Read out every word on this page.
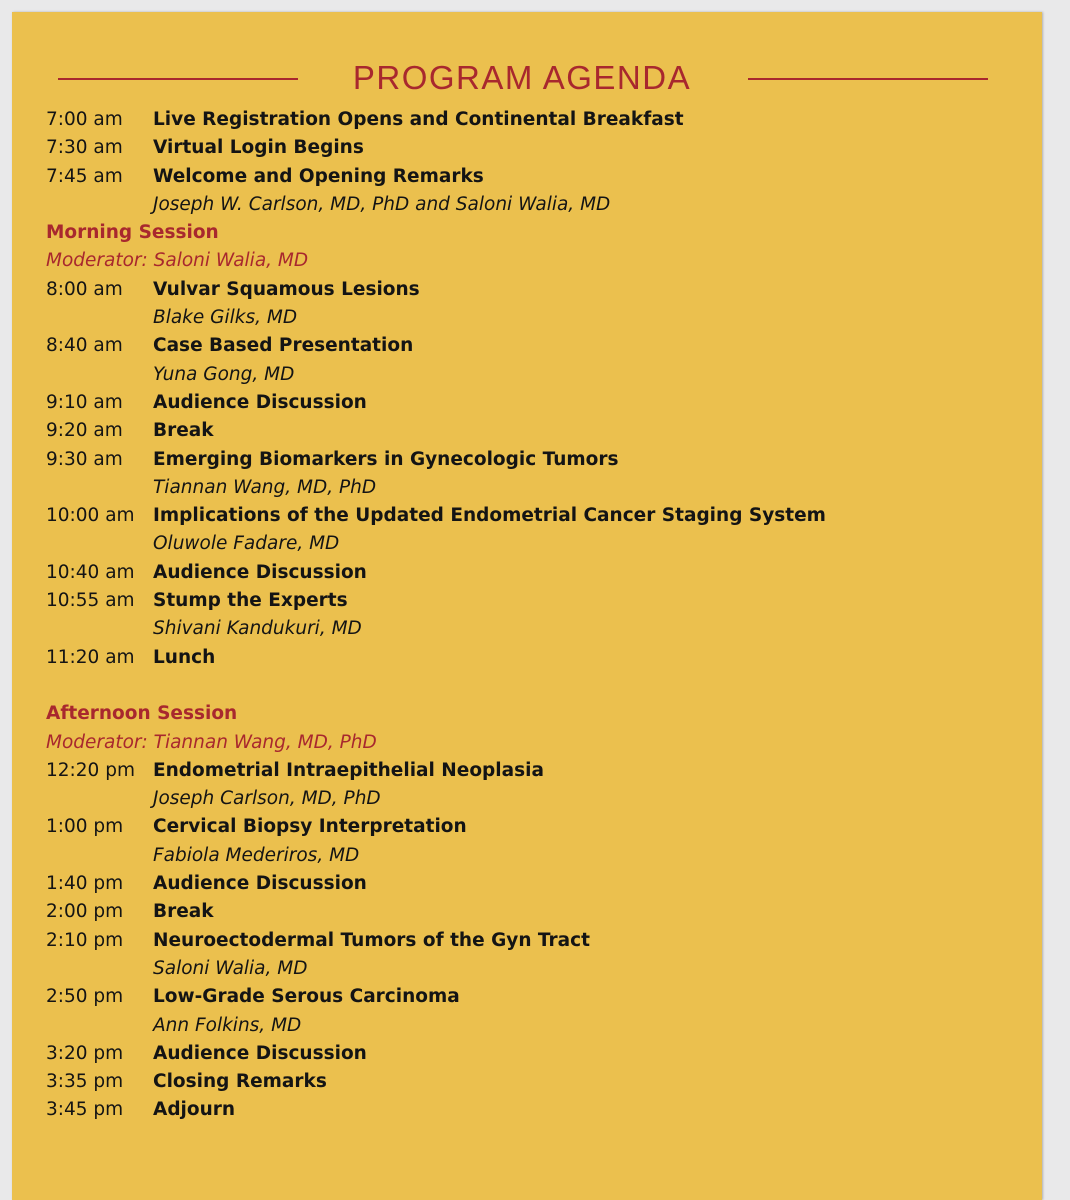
PROGRAM AGENDA
7:00 am Live Registration Opens and Continental Breakfast
7:30 am Virtual Login Begins
7:45 am Welcome and Opening Remarks
Joseph W. Carlson, MD, PhD and Saloni Walia, MD
Morning Session
Moderator: Saloni Walia, MD
8:00 am Vulvar Squamous Lesions
Blake Gilks, MD
8:40 am Case Based Presentation
Yuna Gong, MD
9:10 am Audience Discussion
9:20 am Break
9:30 am Emerging Biomarkers in Gynecologic Tumors
Tiannan Wang, MD, PhD
10:00 am Implications of the Updated Endometrial Cancer Staging System
Oluwole Fadare, MD
10:40 am Audience Discussion
10:55 am Stump the Experts
Shivani Kandukuri, MD
11:20 am Lunch
Afternoon Session
Moderator: Tiannan Wang, MD, PhD
12:20 pm Endometrial Intraepithelial Neoplasia
Joseph Carlson, MD, PhD
1:00 pm Cervical Biopsy Interpretation
Fabiola Mederiros, MD
1:40 pm Audience Discussion
2:00 pm Break
2:10 pm Neuroectodermal Tumors of the Gyn Tract
Saloni Walia, MD
2:50 pm Low-Grade Serous Carcinoma
Ann Folkins, MD
3:20 pm Audience Discussion
3:35 pm Closing Remarks
3:45 pm Adjourn
